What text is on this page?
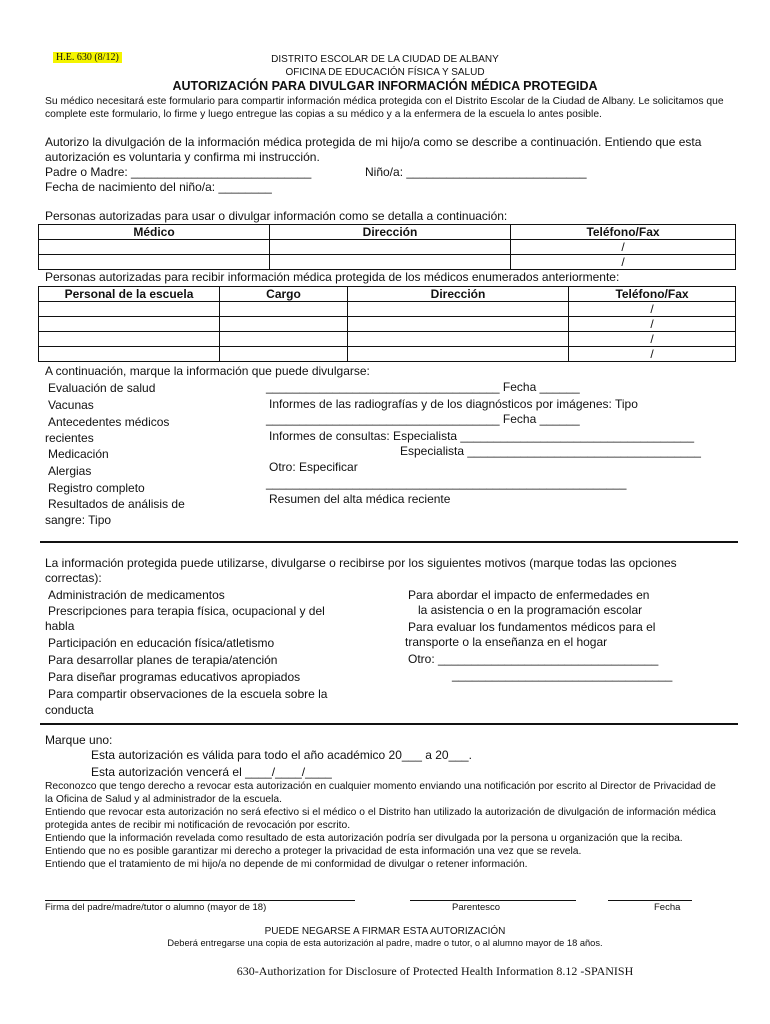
H.E. 630 (8/12)	DISTRITO ESCOLAR DE LA CIUDAD DE ALBANY
OFICINA DE EDUCACIÓN FÍSICA Y SALUD
AUTORIZACIÓN PARA DIVULGAR INFORMACIÓN MÉDICA PROTEGIDA
Su médico necesitará este formulario para compartir información médica protegida con el Distrito Escolar de la Ciudad de Albany. Le solicitamos que complete este formulario, lo firme y luego entregue las copias a su médico y a la enfermera de la escuela lo antes posible.
Autorizo la divulgación de la información médica protegida de mi hijo/a como se describe a continuación. Entiendo que esta autorización es voluntaria y confirma mi instrucción.
Padre o Madre: ___________________________	Niño/a: ___________________________
Fecha de nacimiento del niño/a: ________
Personas autorizadas para usar o divulgar información como se detalla a continuación:
Médico	Dirección	Teléfono/Fax
		/
		/
Personas autorizadas para recibir información médica protegida de los médicos enumerados anteriormente:
Personal de la escuela	Cargo	Dirección	Teléfono/Fax
			/
			/
			/
			/
A continuación, marque la información que puede divulgarse:
Evaluación de salud
Vacunas
Antecedentes médicos
recientes
Medicación
Alergias
Registro completo
Resultados de análisis de
sangre: Tipo
___________________________________ Fecha ______
Informes de las radiografías y de los diagnósticos por imágenes: Tipo
___________________________________ Fecha ______
Informes de consultas: Especialista ___________________________________
Especialista ___________________________________
Otro: Especificar
______________________________________________________
Resumen del alta médica reciente
La información protegida puede utilizarse, divulgarse o recibirse por los siguientes motivos (marque todas las opciones correctas):
Administración de medicamentos
Prescripciones para terapia física, ocupacional y del
habla
Participación en educación física/atletismo
Para desarrollar planes de terapia/atención
Para diseñar programas educativos apropiados
Para compartir observaciones de la escuela sobre la
conducta
Para abordar el impacto de enfermedades en
la asistencia o en la programación escolar
Para evaluar los fundamentos médicos para el
transporte o la enseñanza en el hogar
Otro: _________________________________
_________________________________
Marque uno:
Esta autorización es válida para todo el año académico 20___ a 20___.
Esta autorización vencerá el ____/____/____
Reconozco que tengo derecho a revocar esta autorización en cualquier momento enviando una notificación por escrito al Director de Privacidad de la Oficina de Salud y al administrador de la escuela.
Entiendo que revocar esta autorización no será efectivo si el médico o el Distrito han utilizado la autorización de divulgación de información médica protegida antes de recibir mi notificación de revocación por escrito.
Entiendo que la información revelada como resultado de esta autorización podría ser divulgada por la persona u organización que la reciba. Entiendo que no es posible garantizar mi derecho a proteger la privacidad de esta información una vez que se revela.
Entiendo que el tratamiento de mi hijo/a no depende de mi conformidad de divulgar o retener información.
Firma del padre/madre/tutor o alumno (mayor de 18)	Parentesco	Fecha
PUEDE NEGARSE A FIRMAR ESTA AUTORIZACIÓN
Deberá entregarse una copia de esta autorización al padre, madre o tutor, o al alumno mayor de 18 años.
630-Authorization for Disclosure of Protected Health Information 8.12 -SPANISH
